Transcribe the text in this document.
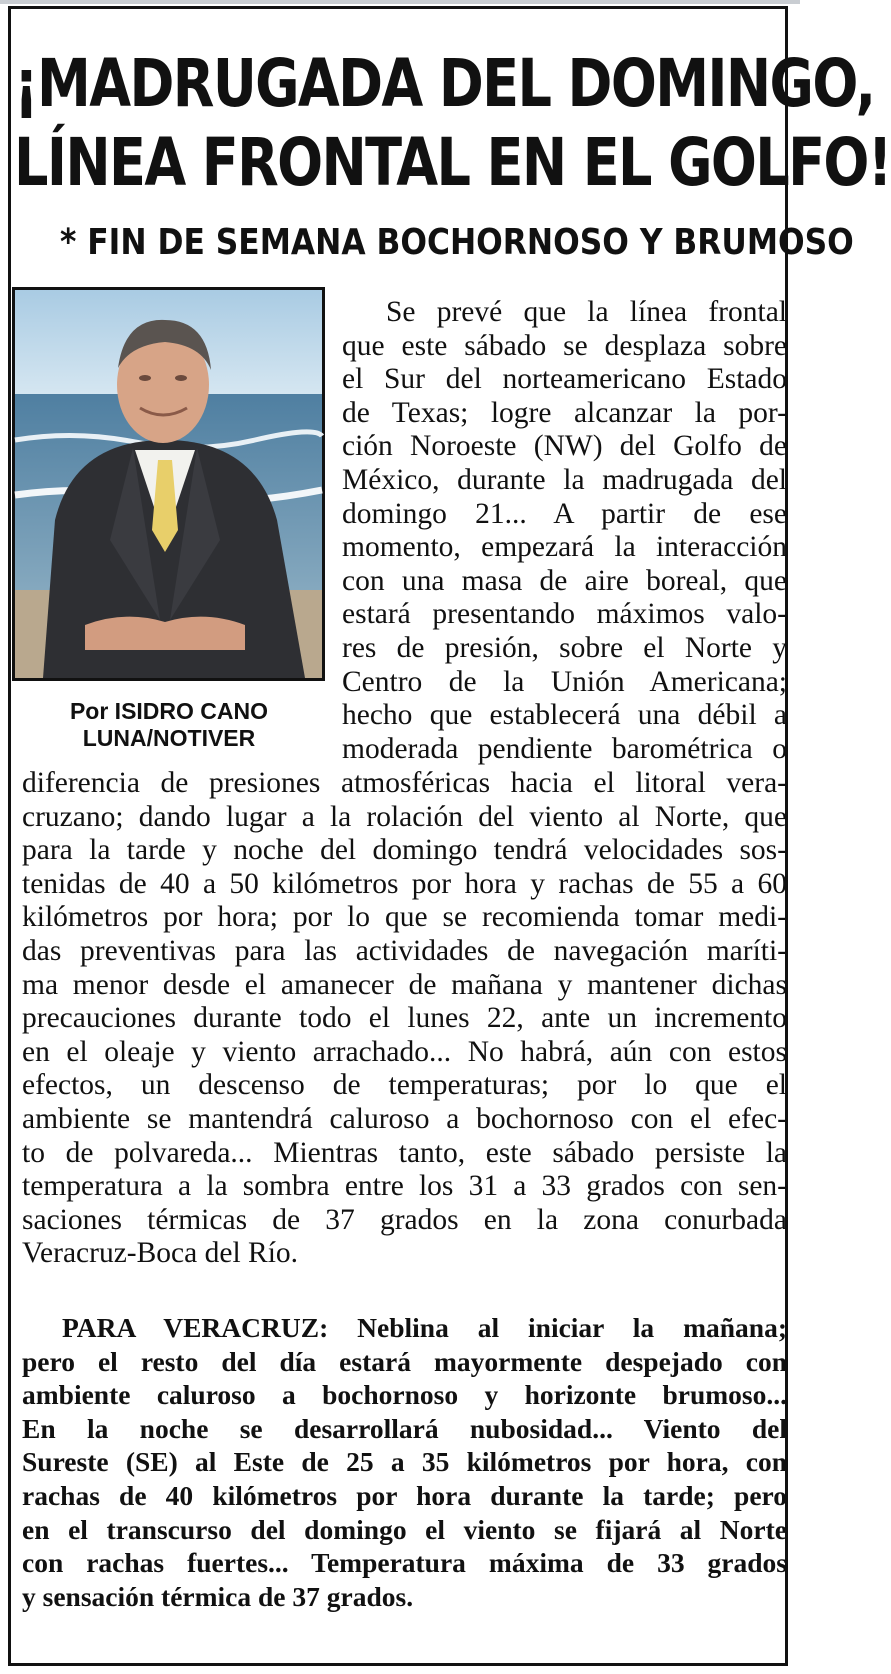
¡MADRUGADA DEL DOMINGO,
LÍNEA FRONTAL EN EL GOLFO!
* FIN DE SEMANA BOCHORNOSO Y BRUMOSO
Por ISIDRO CANO
LUNA/NOTIVER
Se prevé que la línea frontal
que este sábado se desplaza sobre
el Sur del norteamericano Estado
de Texas; logre alcanzar la por-
ción Noroeste (NW) del Golfo de
México, durante la madrugada del
domingo 21... A partir de ese
momento, empezará la interacción
con una masa de aire boreal, que
estará presentando máximos valo-
res de presión, sobre el Norte y
Centro de la Unión Americana;
hecho que establecerá una débil a
moderada pendiente barométrica o
diferencia de presiones atmosféricas hacia el litoral vera-
cruzano; dando lugar a la rolación del viento al Norte, que
para la tarde y noche del domingo tendrá velocidades sos-
tenidas de 40 a 50 kilómetros por hora y rachas de 55 a 60
kilómetros por hora; por lo que se recomienda tomar medi-
das preventivas para las actividades de navegación maríti-
ma menor desde el amanecer de mañana y mantener dichas
precauciones durante todo el lunes 22, ante un incremento
en el oleaje y viento arrachado... No habrá, aún con estos
efectos, un descenso de temperaturas; por lo que el
ambiente se mantendrá caluroso a bochornoso con el efec-
to de polvareda... Mientras tanto, este sábado persiste la
temperatura a la sombra entre los 31 a 33 grados con sen-
saciones térmicas de 37 grados en la zona conurbada
Veracruz-Boca del Río.
PARA VERACRUZ: Neblina al iniciar la mañana;
pero el resto del día estará mayormente despejado con
ambiente caluroso a bochornoso y horizonte brumoso...
En la noche se desarrollará nubosidad... Viento del
Sureste (SE) al Este de 25 a 35 kilómetros por hora, con
rachas de 40 kilómetros por hora durante la tarde; pero
en el transcurso del domingo el viento se fijará al Norte
con rachas fuertes... Temperatura máxima de 33 grados
y sensación térmica de 37 grados.
